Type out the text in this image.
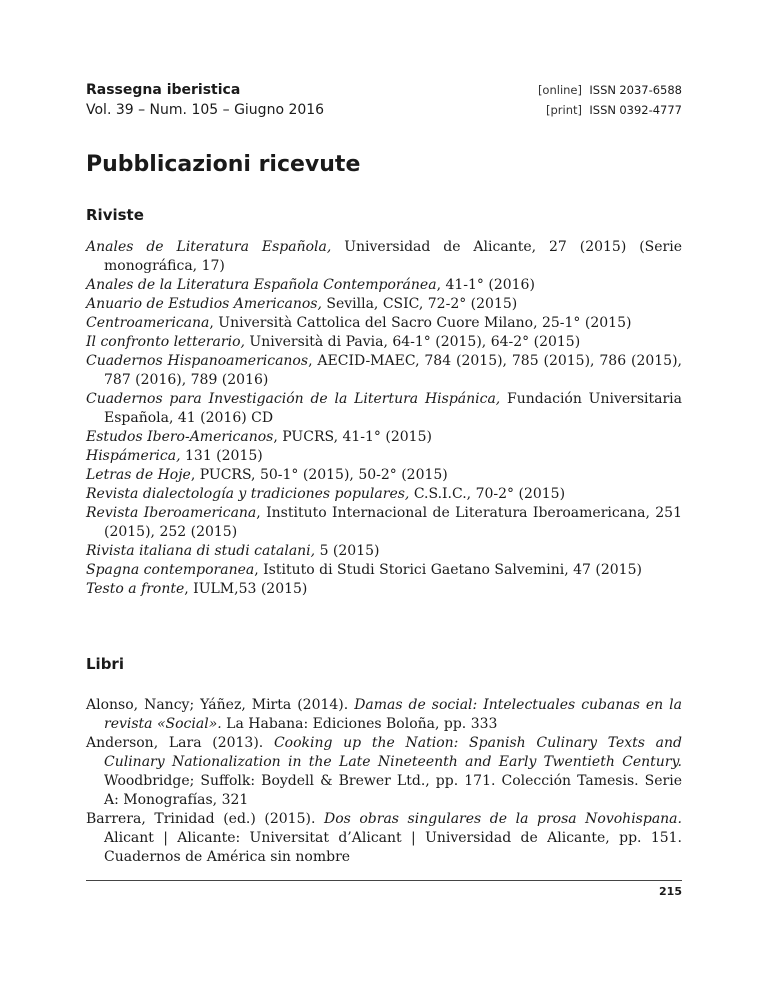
Rassegna iberistica
Vol. 39 – Num. 105 – Giugno 2016
[online] ISSN 2037-6588
[print] ISSN 0392-4777
Pubblicazioni ricevute
Riviste
Anales de Literatura Española, Universidad de Alicante, 27 (2015) (Serie monográfica, 17)
Anales de la Literatura Española Contemporánea, 41-1° (2016)
Anuario de Estudios Americanos, Sevilla, CSIC, 72-2° (2015)
Centroamericana, Università Cattolica del Sacro Cuore Milano, 25-1° (2015)
Il confronto letterario, Università di Pavia, 64-1° (2015), 64-2° (2015)
Cuadernos Hispanoamericanos, AECID-MAEC, 784 (2015), 785 (2015), 786 (2015), 787 (2016), 789 (2016)
Cuadernos para Investigación de la Litertura Hispánica, Fundación Universitaria Española, 41 (2016) CD
Estudos Ibero-Americanos, PUCRS, 41-1° (2015)
Hispámerica, 131 (2015)
Letras de Hoje, PUCRS, 50-1° (2015), 50-2° (2015)
Revista dialectología y tradiciones populares, C.S.I.C., 70-2° (2015)
Revista Iberoamericana, Instituto Internacional de Literatura Iberoamericana, 251 (2015), 252 (2015)
Rivista italiana di studi catalani, 5 (2015)
Spagna contemporanea, Istituto di Studi Storici Gaetano Salvemini, 47 (2015)
Testo a fronte, IULM,53 (2015)
Libri
Alonso, Nancy; Yáñez, Mirta (2014). Damas de social: Intelectuales cubanas en la revista «Social». La Habana: Ediciones Boloña, pp. 333
Anderson, Lara (2013). Cooking up the Nation: Spanish Culinary Texts and Culinary Nationalization in the Late Nineteenth and Early Twentieth Century. Woodbridge; Suffolk: Boydell & Brewer Ltd., pp. 171. Colección Tamesis. Serie A: Monografías, 321
Barrera, Trinidad (ed.) (2015). Dos obras singulares de la prosa Novohispana. Alicant | Alicante: Universitat d’Alicant | Universidad de Alicante, pp. 151. Cuadernos de América sin nombre
215
